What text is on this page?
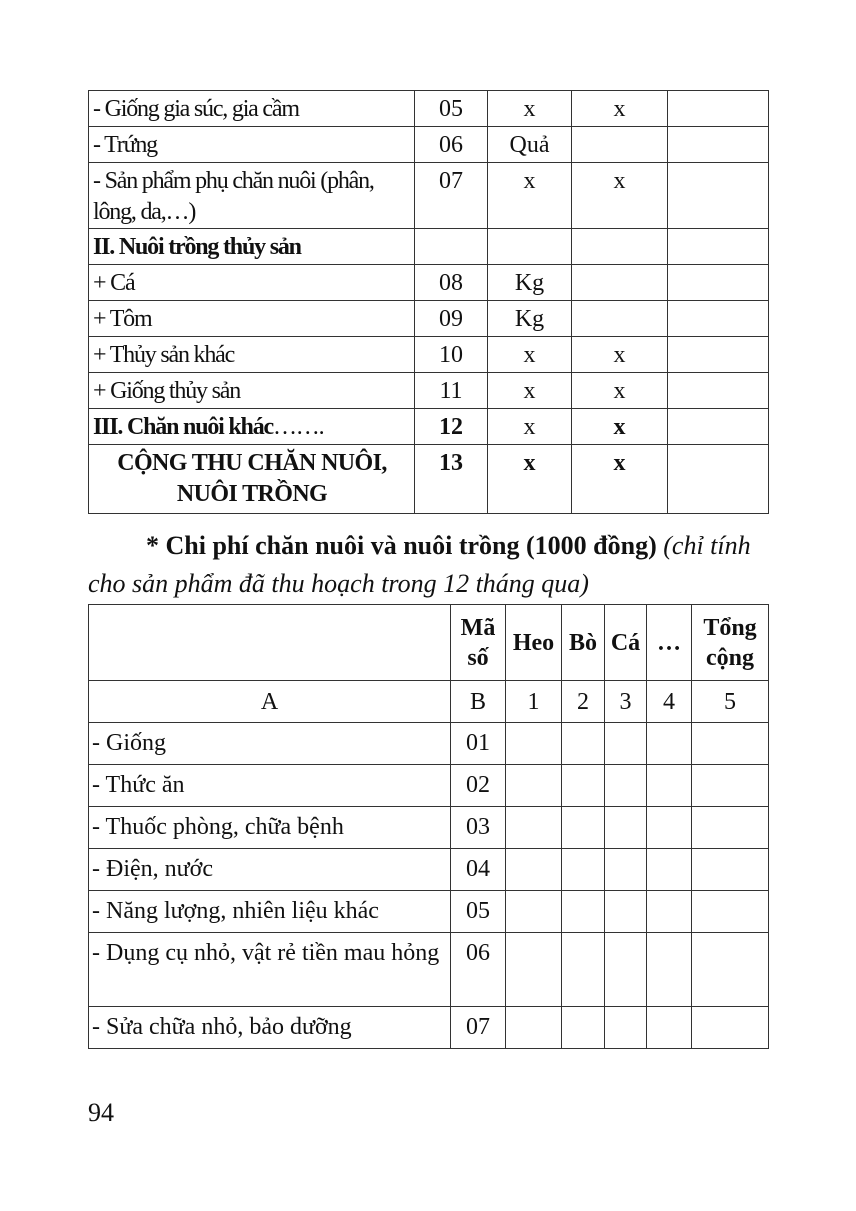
- Giống gia súc, gia cầm	05	x	x	
- Trứng	06	Quả		
- Sản phẩm phụ chăn nuôi (phân, lông, da,…)	07	x	x	
II. Nuôi trồng thủy sản				
+ Cá	08	Kg		
+ Tôm	09	Kg		
+ Thủy sản khác	10	x	x	
+ Giống thủy sản	11	x	x	
III. Chăn nuôi khác…….	12	x	x	
CỘNG THU CHĂN NUÔI, NUÔI TRỒNG	13	x	x	
* Chi phí chăn nuôi và nuôi trồng (1000 đồng) (chỉ tính cho sản phẩm đã thu hoạch trong 12 tháng qua)
	Mã số	Heo	Bò	Cá	…	Tổng cộng
A	B	1	2	3	4	5
- Giống	01					
- Thức ăn	02					
- Thuốc phòng, chữa bệnh	03					
- Điện, nước	04					
- Năng lượng, nhiên liệu khác	05					
- Dụng cụ nhỏ, vật rẻ tiền mau hỏng	06					
- Sửa chữa nhỏ, bảo dưỡng	07					
94
